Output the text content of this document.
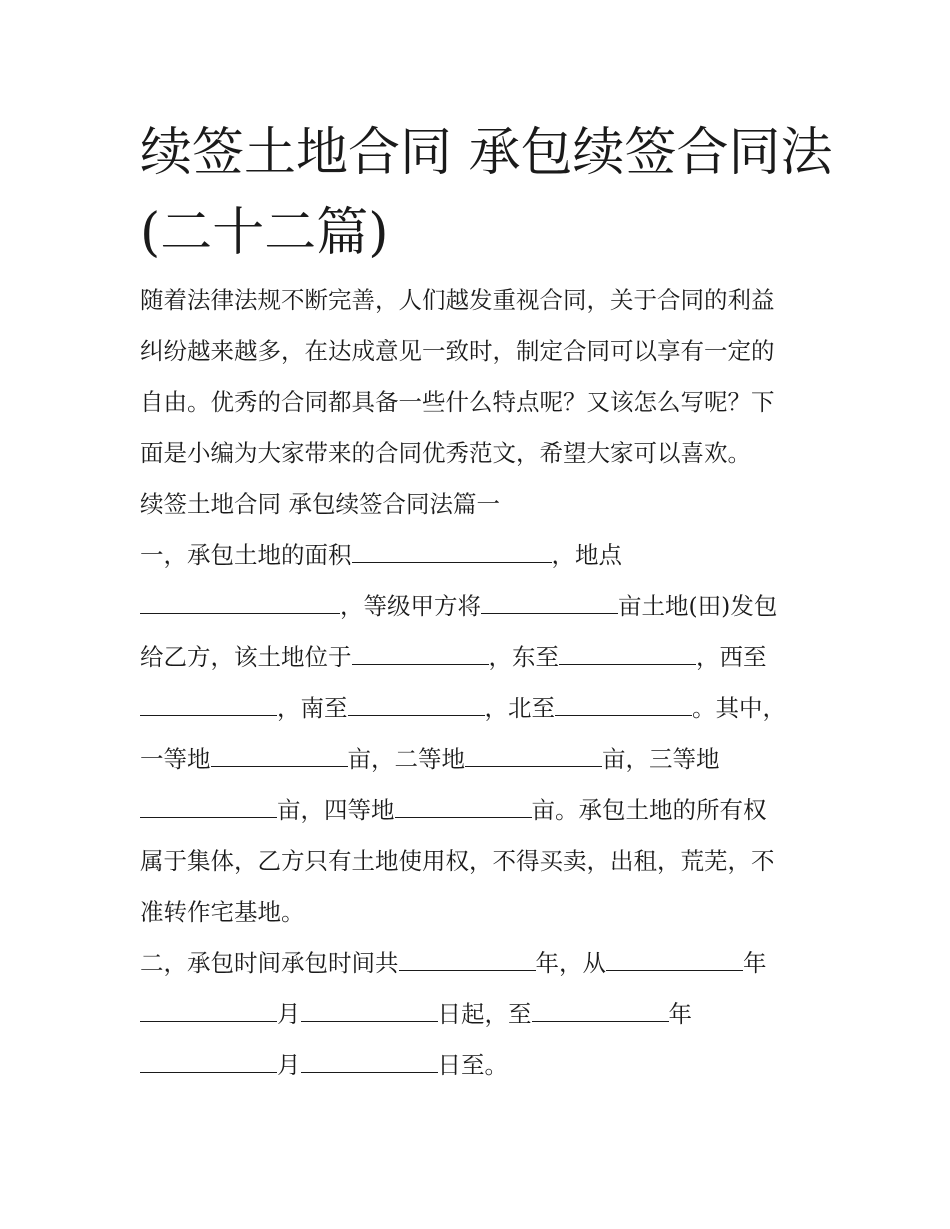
续签土地合同 承包续签合同法
(二十二篇)
随着法律法规不断完善，人们越发重视合同，关于合同的利益
纠纷越来越多，在达成意见一致时，制定合同可以享有一定的
自由。优秀的合同都具备一些什么特点呢？又该怎么写呢？下
面是小编为大家带来的合同优秀范文，希望大家可以喜欢。
续签土地合同 承包续签合同法篇一
一，承包土地的面积	，地点
，等级甲方将	亩土地(田)发包
给乙方，该土地位于	，东至	，西至
，南至	，北至	。其中，
一等地	亩，二等地	亩，三等地
亩，四等地	亩。承包土地的所有权
属于集体，乙方只有土地使用权，不得买卖，出租，荒芜，不
准转作宅基地。
二，承包时间承包时间共	年，从	年
月	日起，至	年
月	日至。
